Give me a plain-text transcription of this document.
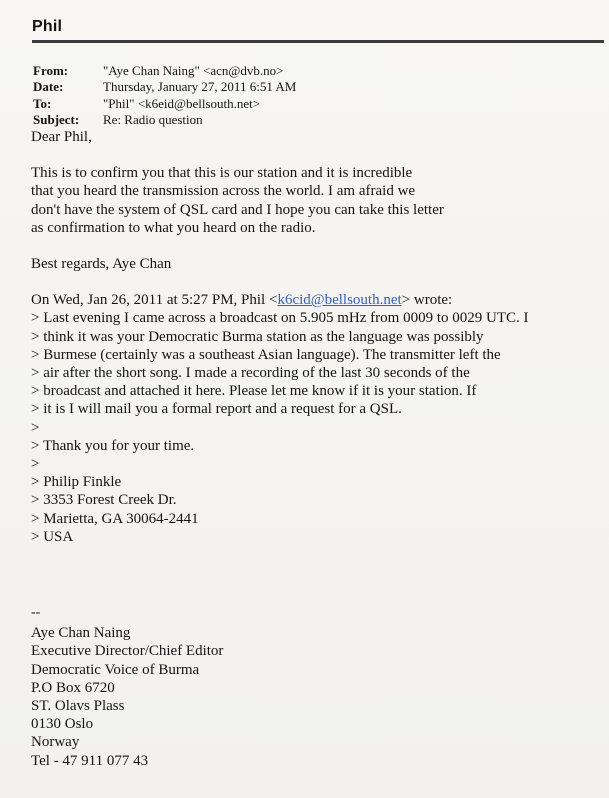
Phil
From:	"Aye Chan Naing" <acn@dvb.no>
Date:	Thursday, January 27, 2011 6:51 AM
To:	"Phil" <k6eid@bellsouth.net>
Subject:	Re: Radio question
Dear Phil,
This is to confirm you that this is our station and it is incredible
that you heard the transmission across the world. I am afraid we
don't have the system of QSL card and I hope you can take this letter
as confirmation to what you heard on the radio.
Best regards, Aye Chan
On Wed, Jan 26, 2011 at 5:27 PM, Phil <k6cid@bellsouth.net> wrote:
> Last evening I came across a broadcast on 5.905 mHz from 0009 to 0029 UTC. I
> think it was your Democratic Burma station as the language was possibly
> Burmese (certainly was a southeast Asian language). The transmitter left the
> air after the short song. I made a recording of the last 30 seconds of the
> broadcast and attached it here. Please let me know if it is your station. If
> it is I will mail you a formal report and a request for a QSL.
>
> Thank you for your time.
>
> Philip Finkle
> 3353 Forest Creek Dr.
> Marietta, GA 30064-2441
> USA
--
Aye Chan Naing
Executive Director/Chief Editor
Democratic Voice of Burma
P.O Box 6720
ST. Olavs Plass
0130 Oslo
Norway
Tel - 47 911 077 43
